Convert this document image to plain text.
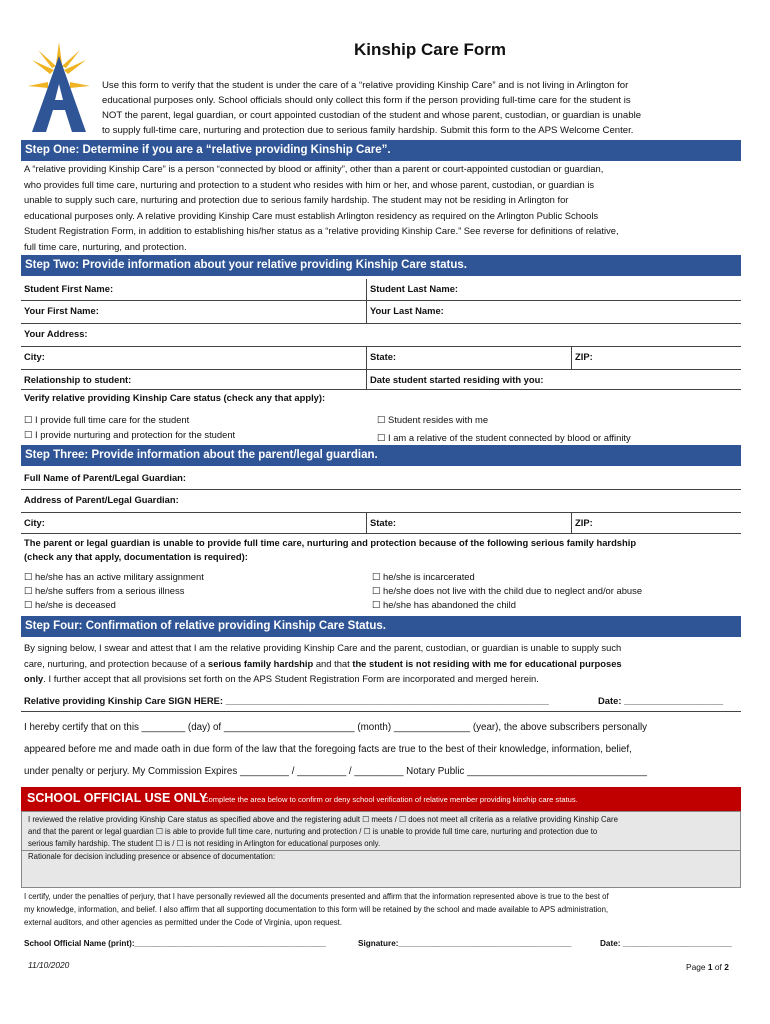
Kinship Care Form

Use this form to verify that the student is under the care of a “relative providing Kinship Care” and is not living in Arlington for

educational purposes only. School officials should only collect this form if the person providing full-time care for the student is

NOT the parent, legal guardian, or court appointed custodian of the student and whose parent, custodian, or guardian is unable

to supply full-time care, nurturing and protection due to serious family hardship. Submit this form to the APS Welcome Center.

Step One: Determine if you are a “relative providing Kinship Care”.
A “relative providing Kinship Care” is a person “connected by blood or affinity”, other than a parent or court-appointed custodian or guardian,
who provides full time care, nurturing and protection to a student who resides with him or her, and whose parent, custodian, or guardian is
unable to supply such care, nurturing and protection due to serious family hardship. The student may not be residing in Arlington for
educational purposes only. A relative providing Kinship Care must establish Arlington residency as required on the Arlington Public Schools
Student Registration Form, in addition to establishing his/her status as a “relative providing Kinship Care.” See reverse for definitions of relative,
full time care, nurturing, and protection.
Step Two: Provide information about your relative providing Kinship Care status.
Student First Name:	Student Last Name:
Your First Name:	Your Last Name:
Your Address:
City:	State:	ZIP:
Relationship to student:	Date student started residing with you:
Verify relative providing Kinship Care status (check any that apply):
☐ I provide full time care for the student
☐ I provide nurturing and protection for the student
☐ Student resides with me
☐ I am a relative of the student connected by blood or affinity
Step Three: Provide information about the parent/legal guardian.
Full Name of Parent/Legal Guardian:
Address of Parent/Legal Guardian:
City:	State:	ZIP:
The parent or legal guardian is unable to provide full time care, nurturing and protection because of the following serious family hardship
(check any that apply, documentation is required):
☐ he/she has an active military assignment
☐ he/she suffers from a serious illness
☐ he/she is deceased
☐ he/she is incarcerated
☐ he/she does not live with the child due to neglect and/or abuse
☐ he/she has abandoned the child
Step Four: Confirmation of relative providing Kinship Care Status.
By signing below, I swear and attest that I am the relative providing Kinship Care and the parent, custodian, or guardian is unable to supply such
care, nurturing, and protection because of a serious family hardship and that the student is not residing with me for educational purposes
only. I further accept that all provisions set forth on the APS Student Registration Form are incorporated and merged herein.
Relative providing Kinship Care SIGN HERE: ______________________________________________________________	Date: ___________________
I hereby certify that on this ________ (day) of ________________________ (month) ______________ (year), the above subscribers personally
appeared before me and made oath in due form of the law that the foregoing facts are true to the best of their knowledge, information, belief,
under penalty or perjury. My Commission Expires _________ / _________ / _________ Notary Public _________________________________
SCHOOL OFFICIAL USE ONLY
Complete the area below to confirm or deny school verification of relative member providing kinship care status.
I reviewed the relative providing Kinship Care status as specified above and the registering adult ☐ meets / ☐ does not meet all criteria as a relative providing Kinship Care
and that the parent or legal guardian ☐ is able to provide full time care, nurturing and protection / ☐ is unable to provide full time care, nurturing and protection due to
serious family hardship. The student ☐ is / ☐ is not residing in Arlington for educational purposes only.
Rationale for decision including presence or absence of documentation:
I certify, under the penalties of perjury, that I have personally reviewed all the documents presented and affirm that the information represented above is true to the best of
my knowledge, information, and belief. I also affirm that all supporting documentation to this form will be retained by the school and made available to APS administration,
external auditors, and other agencies as permitted under the Code of Virginia, upon request.
School Official Name (print):__________________________________________	Signature:______________________________________	Date: ________________________
11/10/2020	Page 1 of 2
